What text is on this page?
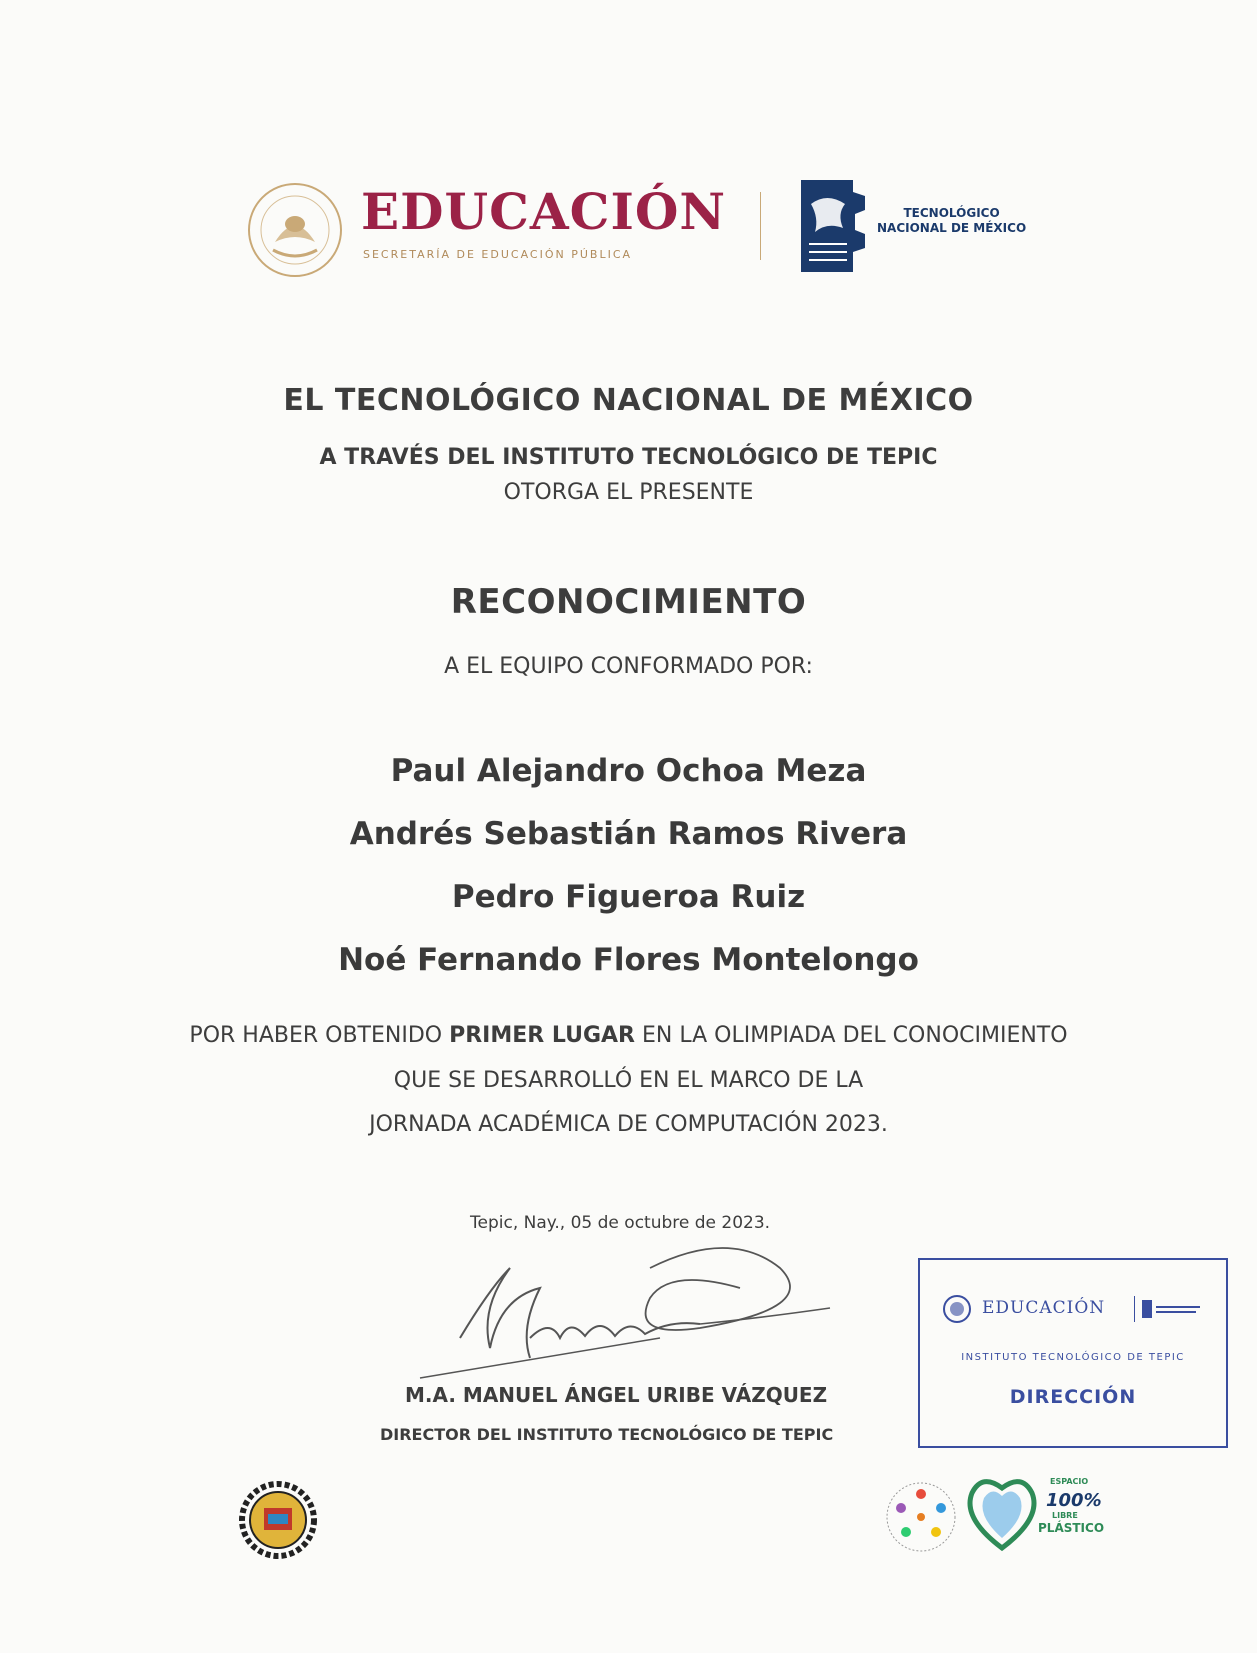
EDUCACIÓN
SECRETARÍA DE EDUCACIÓN PÚBLICA
TECNOLÓGICO
NACIONAL DE MÉXICO
EL TECNOLÓGICO NACIONAL DE MÉXICO
A TRAVÉS DEL INSTITUTO TECNOLÓGICO DE TEPIC
OTORGA EL PRESENTE
RECONOCIMIENTO
A EL EQUIPO CONFORMADO POR:
Paul Alejandro Ochoa Meza
Andrés Sebastián Ramos Rivera
Pedro Figueroa Ruiz
Noé Fernando Flores Montelongo
POR HABER OBTENIDO PRIMER LUGAR EN LA OLIMPIADA DEL CONOCIMIENTO
QUE SE DESARROLLÓ EN EL MARCO DE LA
JORNADA ACADÉMICA DE COMPUTACIÓN 2023.
Tepic, Nay., 05 de octubre de 2023.
M.A. MANUEL ÁNGEL URIBE VÁZQUEZ
DIRECTOR DEL INSTITUTO TECNOLÓGICO DE TEPIC
EDUCACIÓN
INSTITUTO TECNOLÓGICO DE TEPIC
DIRECCIÓN
ESPACIO
100%
LIBRE
PLÁSTICO
